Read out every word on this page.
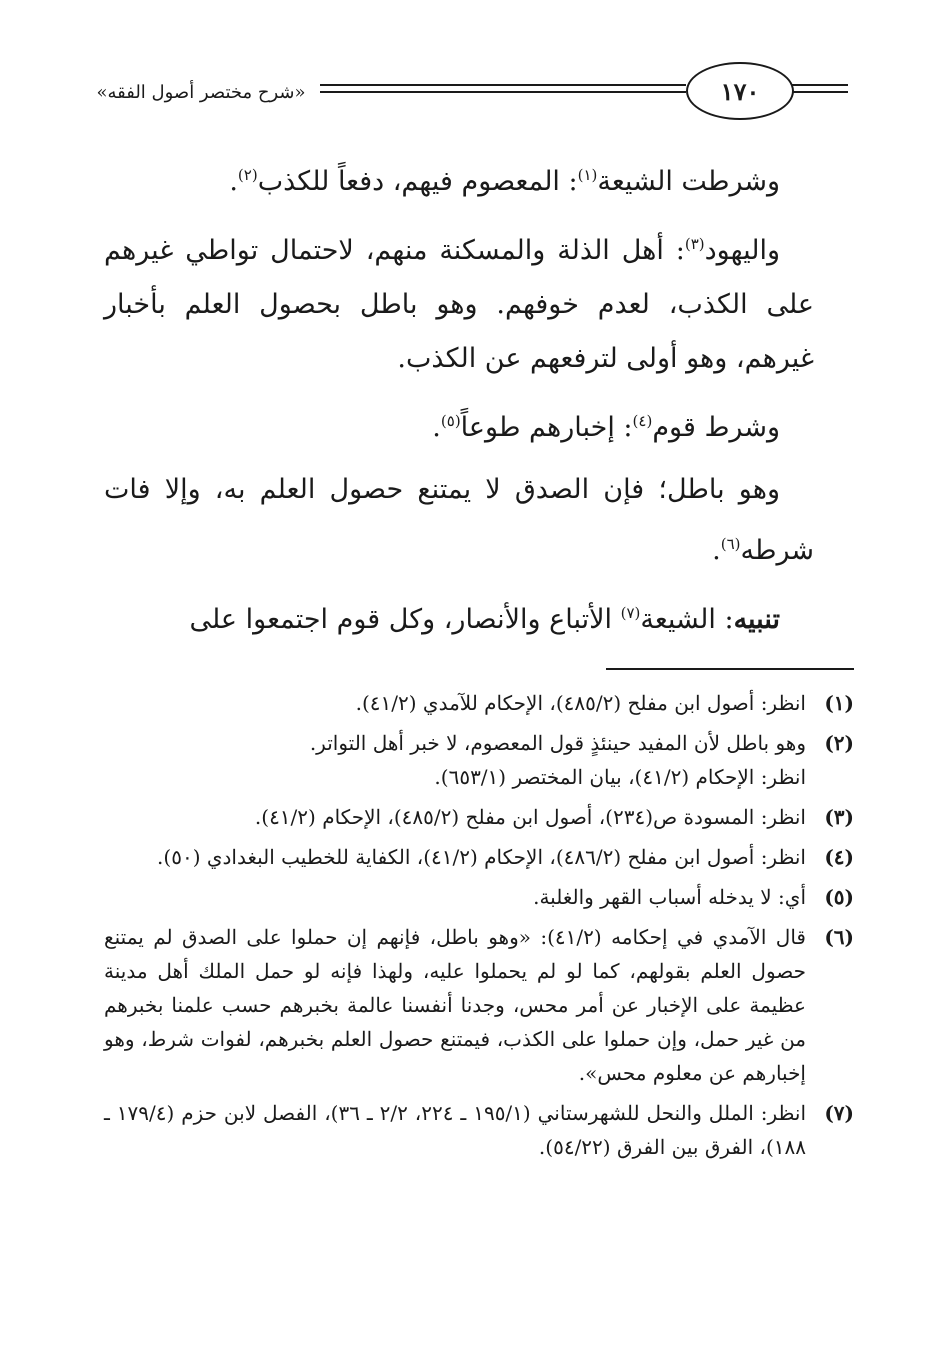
١٧٠
«شرح مختصر أصول الفقه»

وشرطت الشيعة$^{(١)}$: المعصوم فيهم، دفعاً للكذب$^{(٢)}$.

واليهود$^{(٣)}$: أهل الذلة والمسكنة منهم، لاحتمال تواطي غيرهم على الكذب، لعدم خوفهم. وهو باطل بحصول العلم بأخبار غيرهم، وهو أولى لترفعهم عن الكذب.

وشرط قوم$^{(٤)}$: إخبارهم طوعاً$^{(٥)}$.

وهو باطل؛ فإن الصدق لا يمتنع حصول العلم به، وإلا فات شرطه$^{(٦)}$.

تنبيه: الشيعة$^{(٧)}$ الأتباع والأنصار، وكل قوم اجتمعوا على

(١)
انظر: أصول ابن مفلح (٤٨٥/٢)، الإحكام للآمدي (٤١/٢).
(٢)
وهو باطل لأن المفيد حينئذٍ قول المعصوم، لا خبر أهل التواتر.
انظر: الإحكام (٤١/٢)، بيان المختصر (٦٥٣/١).
(٣)
انظر: المسودة ص(٢٣٤)، أصول ابن مفلح (٤٨٥/٢)، الإحكام (٤١/٢).
(٤)
انظر: أصول ابن مفلح (٤٨٦/٢)، الإحكام (٤١/٢)، الكفاية للخطيب البغدادي (٥٠).
(٥)
أي: لا يدخله أسباب القهر والغلبة.
(٦)
قال الآمدي في إحكامه (٤١/٢): «وهو باطل، فإنهم إن حملوا على الصدق لم يمتنع حصول العلم بقولهم، كما لو لم يحملوا عليه، ولهذا فإنه لو حمل الملك أهل مدينة عظيمة على الإخبار عن أمر محس، وجدنا أنفسنا عالمة بخبرهم حسب علمنا بخبرهم من غير حمل، وإن حملوا على الكذب، فيمتنع حصول العلم بخبرهم، لفوات شرط، وهو إخبارهم عن معلوم محس».
(٧)
انظر: الملل والنحل للشهرستاني (١٩٥/١ ـ ٢٢٤، ٢/٢ ـ ٣٦)، الفصل لابن حزم (١٧٩/٤ ـ ١٨٨)، الفرق بين الفرق (٥٤/٢٢).
